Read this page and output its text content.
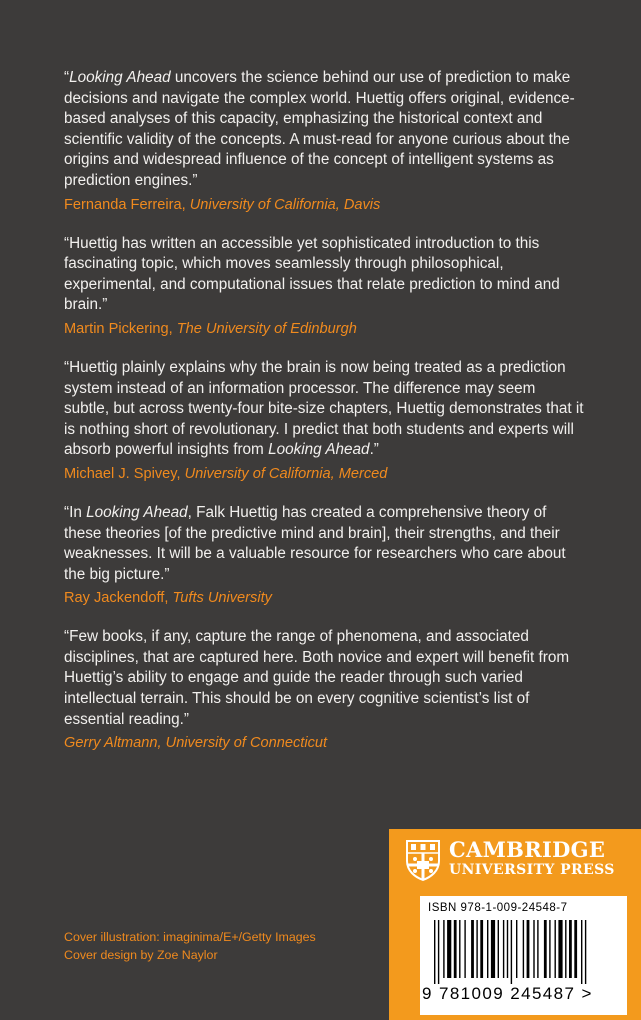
“Looking Ahead uncovers the science behind our use of prediction to make decisions and navigate the complex world. Huettig offers original, evidence-based analyses of this capacity, emphasizing the historical context and scientific validity of the concepts. A must-read for anyone curious about the origins and widespread influence of the concept of intelligent systems as prediction engines.”

Fernanda Ferreira, University of California, Davis

“Huettig has written an accessible yet sophisticated introduction to this fascinating topic, which moves seamlessly through philosophical, experimental, and computational issues that relate prediction to mind and brain.”

Martin Pickering, The University of Edinburgh

“Huettig plainly explains why the brain is now being treated as a prediction system instead of an information processor. The difference may seem subtle, but across twenty-four bite-size chapters, Huettig demonstrates that it is nothing short of revolutionary. I predict that both students and experts will absorb powerful insights from Looking Ahead.”

Michael J. Spivey, University of California, Merced

“In Looking Ahead, Falk Huettig has created a comprehensive theory of these theories [of the predictive mind and brain], their strengths, and their weaknesses. It will be a valuable resource for researchers who care about the big picture.”

Ray Jackendoff, Tufts University

“Few books, if any, capture the range of phenomena, and associated disciplines, that are captured here. Both novice and expert will benefit from Huettig’s ability to engage and guide the reader through such varied intellectual terrain. This should be on every cognitive scientist’s list of essential reading.”

Gerry Altmann, University of Connecticut

Cover illustration: imaginima/E+/Getty Images
Cover design by Zoe Naylor
CAMBRIDGE
UNIVERSITY PRESS
ISBN 978-1-009-24548-7
9 781009 245487 >
